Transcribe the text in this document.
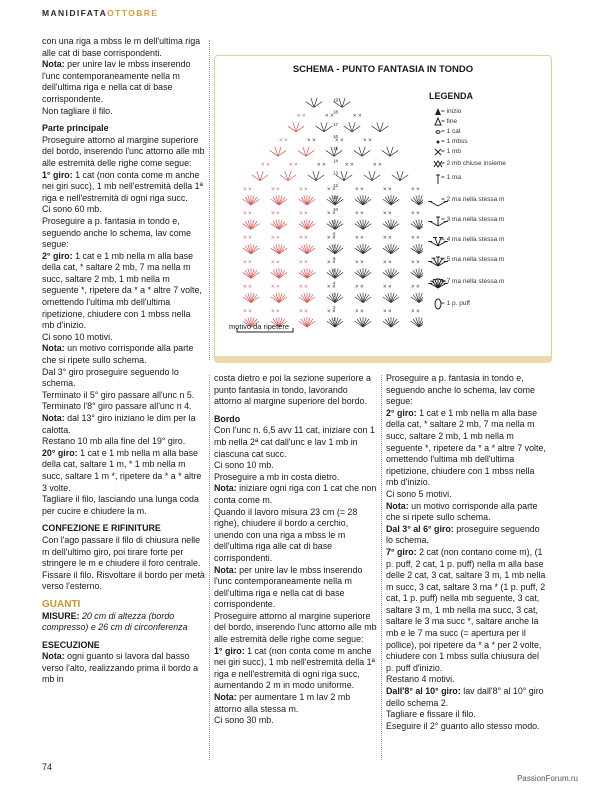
MANIDIFATAOTTOBRE

con una riga a mbss le m dell'ultima riga alle cat di base corrispondenti.

Nota: per unire lav le mbss inserendo l'unc contemporaneamente nella m dell'ultima riga e nella cat di base corrispondente.

Non tagliare il filo.

Parte principale

Proseguire attorno al margine superiore del bordo, inserendo l'unc attorno alle mb alle estremità delle righe come segue:

1° giro: 1 cat (non conta come m anche nei giri succ), 1 mb nell'estremità della 1ª riga e nell'estremità di ogni riga succ.

Ci sono 60 mb.

Proseguire a p. fantasia in tondo e, seguendo anche lo schema, lav come segue:

2° giro: 1 cat e 1 mb nella m alla base della cat, * saltare 2 mb, 7 ma nella m succ, saltare 2 mb, 1 mb nella m seguente *, ripetere da * a * altre 7 volte, omettendo l'ultima mb dell'ultima ripetizione, chiudere con 1 mbss nella mb d'inizio.

Ci sono 10 motivi.

Nota: un motivo corrisponde alla parte che si ripete sullo schema.

Dal 3° giro proseguire seguendo lo schema.

Terminato il 5° giro passare all'unc n 5.

Terminato l'8° giro passare all'unc n 4.

Nota: dal 13° giro iniziano le dim per la calotta.

Restano 10 mb alla fine del 19° giro.

20° giro: 1 cat e 1 mb nella m alla base della cat, saltare 1 m, * 1 mb nella m succ, saltare 1 m *, ripetere da * a * altre 3 volte.

Tagliare il filo, lasciando una lunga coda per cucire e chiudere la m.

CONFEZIONE E RIFINITURE

Con l'ago passare il filo di chiusura nelle m dell'ultimo giro, poi tirare forte per stringere le m e chiudere il foro centrale. Fissare il filo. Risvoltare il bordo per metà verso l'esterno.

GUANTI

MISURE: 20 cm di altezza (bordo compresso) e 26 cm di circonferenza

ESECUZIONE

Nota: ogni guanto si lavora dal basso verso l'alto, realizzando prima il bordo a mb in

costa dietro e poi la sezione superiore a punto fantasia in tondo, lavorando attorno al margine superiore del bordo.

Bordo

Con l'unc n. 6,5 avv 11 cat, iniziare con 1 mb nella 2ª cat dall'unc e lav 1 mb in ciascuna cat succ.

Ci sono 10 mb.

Proseguire a mb in costa dietro.

Nota: iniziare ogni riga con 1 cat che non conta come m.

Quando il lavoro misura 23 cm (= 28 righe), chiudere il bordo a cerchio, unendo con una riga a mbss le m dell'ultima riga alle cat di base corrispondenti.

Nota: per unire lav le mbss inserendo l'unc contemporaneamente nella m dell'ultima riga e nella cat di base corrispondente.

Proseguire attorno al margine superiore del bordo, inserendo l'unc attorno alle mb alle estremità delle righe come segue:

1° giro: 1 cat (non conta come m anche nei giri succ), 1 mb nell'estremità della 1ª riga e nell'estremità di ogni riga succ, aumentando 2 m in modo uniforme.

Nota: per aumentare 1 m lav 2 mb attorno alla stessa m.

Ci sono 30 mb.

Proseguire a p. fantasia in tondo e, seguendo anche lo schema, lav come segue:

2° giro: 1 cat e 1 mb nella m alla base della cat, * saltare 2 mb, 7 ma nella m succ, saltare 2 mb, 1 mb nella m seguente *, ripetere da * a * altre 7 volte, omettendo l'ultima mb dell'ultima ripetizione, chiudere con 1 mbss nella mb d'inizio.

Ci sono 5 motivi.

Nota: un motivo corrisponde alla parte che si ripete sullo schema.

Dal 3° al 6° giro: proseguire seguendo lo schema.

7° giro: 2 cat (non contano come m), (1 p. puff, 2 cat, 1 p. puff) nella m alla base delle 2 cat, 3 cat, saltare 3 m, 1 mb nella m succ, 3 cat, saltare 3 ma * (1 p. puff, 2 cat, 1 p. puff) nella mb seguente, 3 cat, saltare 3 m, 1 mb nella ma succ, 3 cat, saltare le 3 ma succ *, saltare anche la mb e le 7 ma succ (= apertura per il pollice), poi ripetere da * a * per 2 volte, chiudere con 1 mbss sulla chiusura del p. puff d'inizio.

Restano 4 motivi.

Dall'8° al 10° giro: lav dall'8° al 10° giro dello schema 2.

Tagliare e fissare il filo.

Eseguire il 2° guanto allo stesso modo.

SCHEMA - PUNTO FANTASIA IN TONDO
1
× ×	× ×	× ×	× ×	× ×	× ×	× ×
2
3
× ×	× ×	× ×	× ×	× ×	× ×	× ×
4
5
× ×	× ×	× ×	× ×	× ×	× ×	× ×
6
7
× ×	× ×	× ×	× ×	× ×	× ×	× ×
8
9
× ×	× ×	× ×	× ×	× ×	× ×	× ×
10
11
× ×	× ×	× ×	× ×	× ×	× ×	× ×
12
13
× ×	× ×	× ×	× ×	× ×
14
15
× ×	× ×	× ×	× ×
16
17
× ×	× ×	× ×
18
19
motivo da ripetere
LEGENDA
= inizio
= fine
= 1 cat
= 1 mbss
= 1 mb
= 2 mb chiuse insieme
= 1 ma
= 2 ma nella stessa m
= 3 ma nella stessa m
= 4 ma nella stessa m
= 5 ma nella stessa m
= 7 ma nella stessa m
= 1 p. puff
74
PassionForum.ru
